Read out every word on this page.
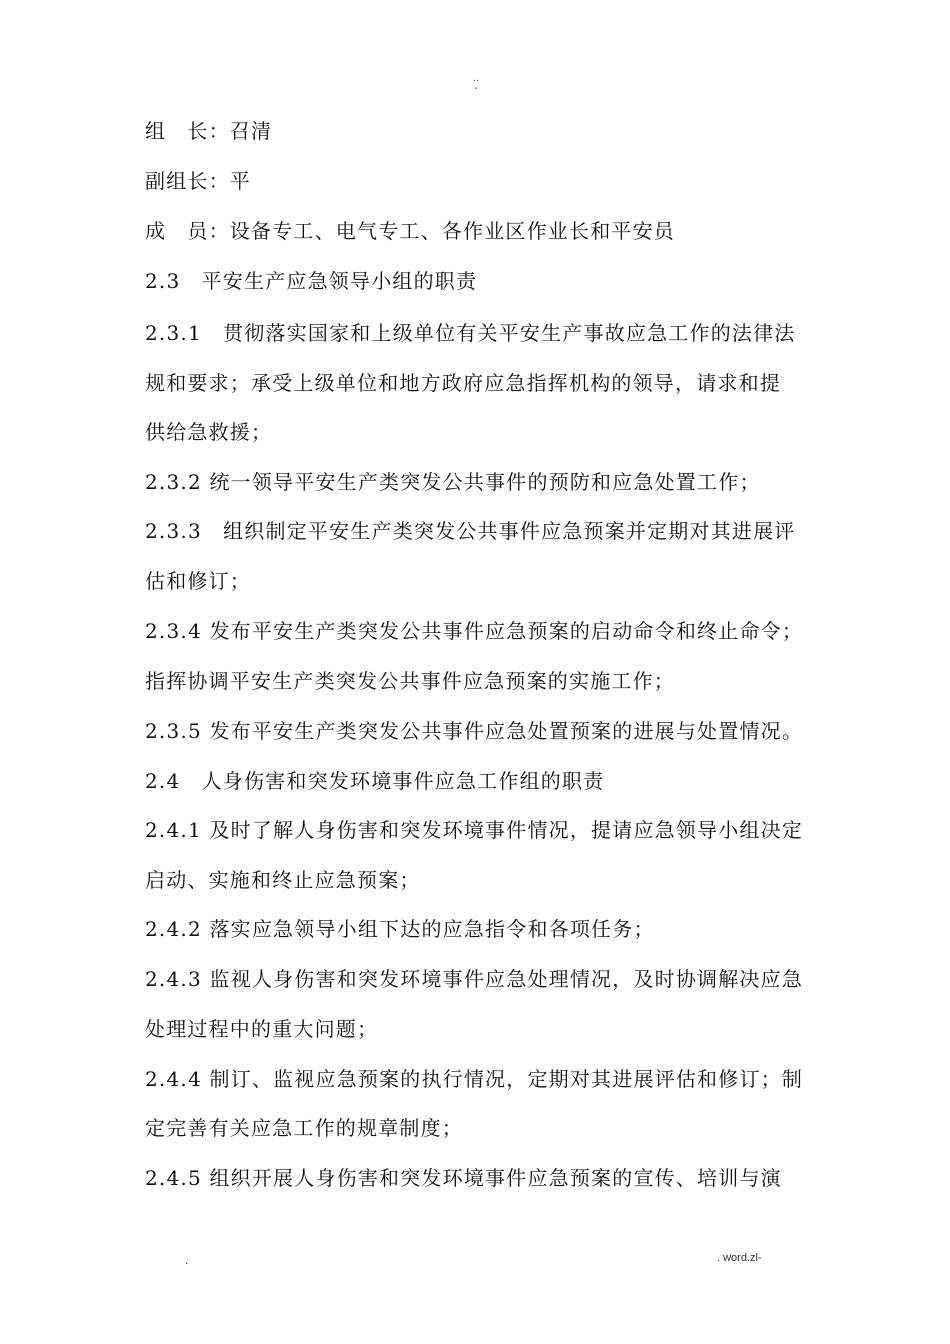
..
-
组　长：召清
副组长：平
成　员：设备专工、电气专工、各作业区作业长和平安员
2.3　平安生产应急领导小组的职责
2.3.1　贯彻落实国家和上级单位有关平安生产事故应急工作的法律法
规和要求；承受上级单位和地方政府应急指挥机构的领导，请求和提
供给急救援；
2.3.2 统一领导平安生产类突发公共事件的预防和应急处置工作；
2.3.3　组织制定平安生产类突发公共事件应急预案并定期对其进展评
估和修订；
2.3.4 发布平安生产类突发公共事件应急预案的启动命令和终止命令；
指挥协调平安生产类突发公共事件应急预案的实施工作；
2.3.5 发布平安生产类突发公共事件应急处置预案的进展与处置情况。
2.4　人身伤害和突发环境事件应急工作组的职责
2.4.1 及时了解人身伤害和突发环境事件情况，提请应急领导小组决定
启动、实施和终止应急预案；
2.4.2 落实应急领导小组下达的应急指令和各项任务；
2.4.3 监视人身伤害和突发环境事件应急处理情况，及时协调解决应急
处理过程中的重大问题；
2.4.4 制订、监视应急预案的执行情况，定期对其进展评估和修订；制
定完善有关应急工作的规章制度；
2.4.5 组织开展人身伤害和突发环境事件应急预案的宣传、培训与演
.	. word.zl-
